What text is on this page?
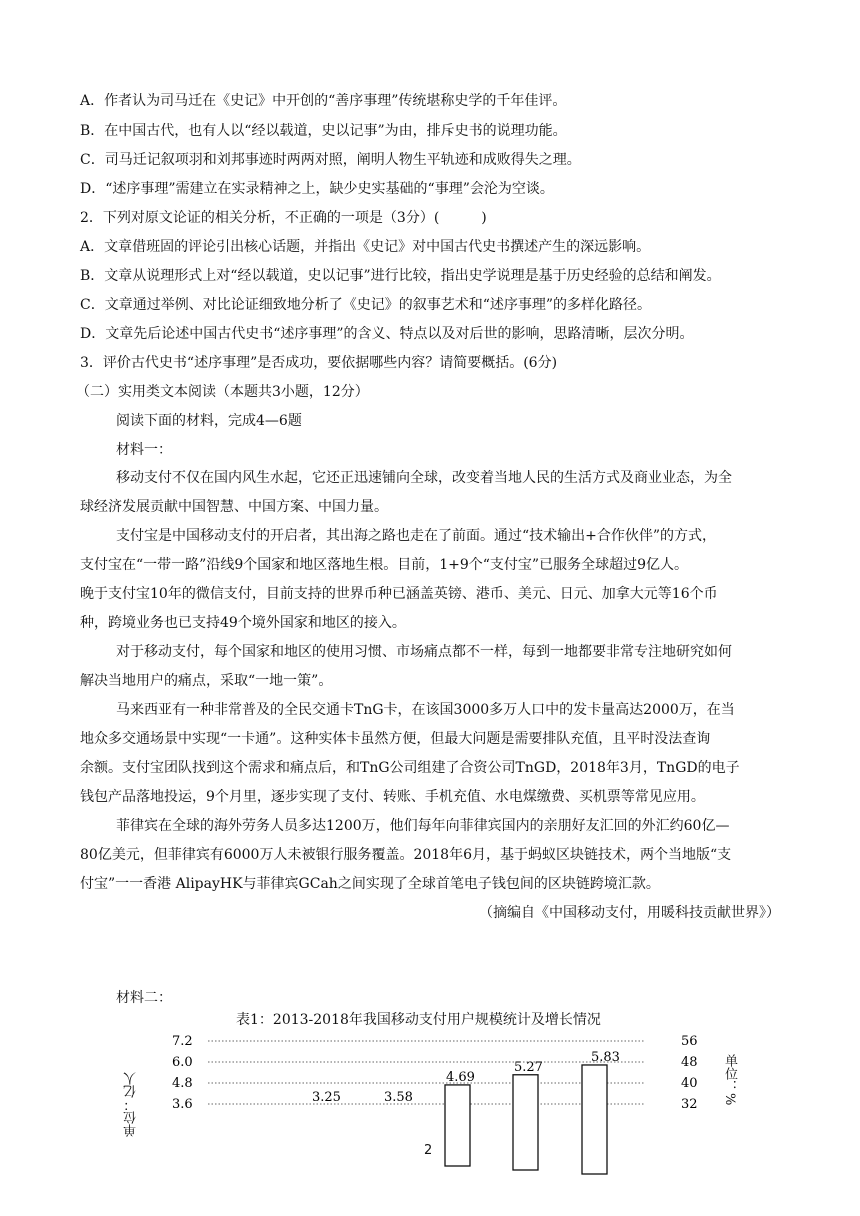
A．作者认为司马迁在《史记》中开创的“善序事理”传统堪称史学的千年佳评。
B．在中国古代，也有人以“经以载道，史以记事”为由，排斥史书的说理功能。
C．司马迁记叙项羽和刘邦事迹时两两对照，阐明人物生平轨迹和成败得失之理。
D．“述序事理”需建立在实录精神之上，缺少史实基础的“事理”会沦为空谈。
2．下列对原文论证的相关分析，不正确的一项是（3分）(　　　)
A．文章借班固的评论引出核心话题，并指出《史记》对中国古代史书撰述产生的深远影响。
B．文章从说理形式上对“经以载道，史以记事”进行比较，指出史学说理是基于历史经验的总结和阐发。
C．文章通过举例、对比论证细致地分析了《史记》的叙事艺术和“述序事理”的多样化路径。
D．文章先后论述中国古代史书“述序事理”的含义、特点以及对后世的影响，思路清晰，层次分明。
3．评价古代史书“述序事理”是否成功，要依据哪些内容？请简要概括。(6分)
（二）实用类文本阅读（本题共3小题，12分）
阅读下面的材料，完成4—6题
材料一：
移动支付不仅在国内风生水起，它还正迅速铺向全球，改变着当地人民的生活方式及商业业态，为全
球经济发展贡献中国智慧、中国方案、中国力量。
支付宝是中国移动支付的开启者，其出海之路也走在了前面。通过“技术输出+合作伙伴”的方式，
支付宝在“一带一路”沿线9个国家和地区落地生根。目前，1+9个“支付宝”已服务全球超过9亿人。
晚于支付宝10年的微信支付，目前支持的世界币种已涵盖英镑、港币、美元、日元、加拿大元等16个币
种，跨境业务也已支持49个境外国家和地区的接入。
对于移动支付，每个国家和地区的使用习惯、市场痛点都不一样，每到一地都要非常专注地研究如何
解决当地用户的痛点，采取“一地一策”。
马来西亚有一种非常普及的全民交通卡TnG卡，在该国3000多万人口中的发卡量高达2000万，在当
地众多交通场景中实现“一卡通”。这种实体卡虽然方便，但最大问题是需要排队充值，且平时没法查询
余额。支付宝团队找到这个需求和痛点后，和TnG公司组建了合资公司TnGD，2018年3月，TnGD的电子
钱包产品落地投运，9个月里，逐步实现了支付、转账、手机充值、水电煤缴费、买机票等常见应用。
菲律宾在全球的海外劳务人员多达1200万，他们每年向菲律宾国内的亲朋好友汇回的外汇约60亿—
80亿美元，但菲律宾有6000万人未被银行服务覆盖。2018年6月，基于蚂蚁区块链技术，两个当地版“支
付宝”一一香港 AlipayHK与菲律宾GCah之间实现了全球首笔电子钱包间的区块链跨境汇款。
（摘编自《中国移动支付，用暖科技贡献世界》）
材料二：
表1：2013-2018年我国移动支付用户规模统计及增长情况
单位：亿人	单位：%
7.2	56
6.0	48
4.8	40
3.6	32
3.25	3.58
4.69
5.27
5.83
2
